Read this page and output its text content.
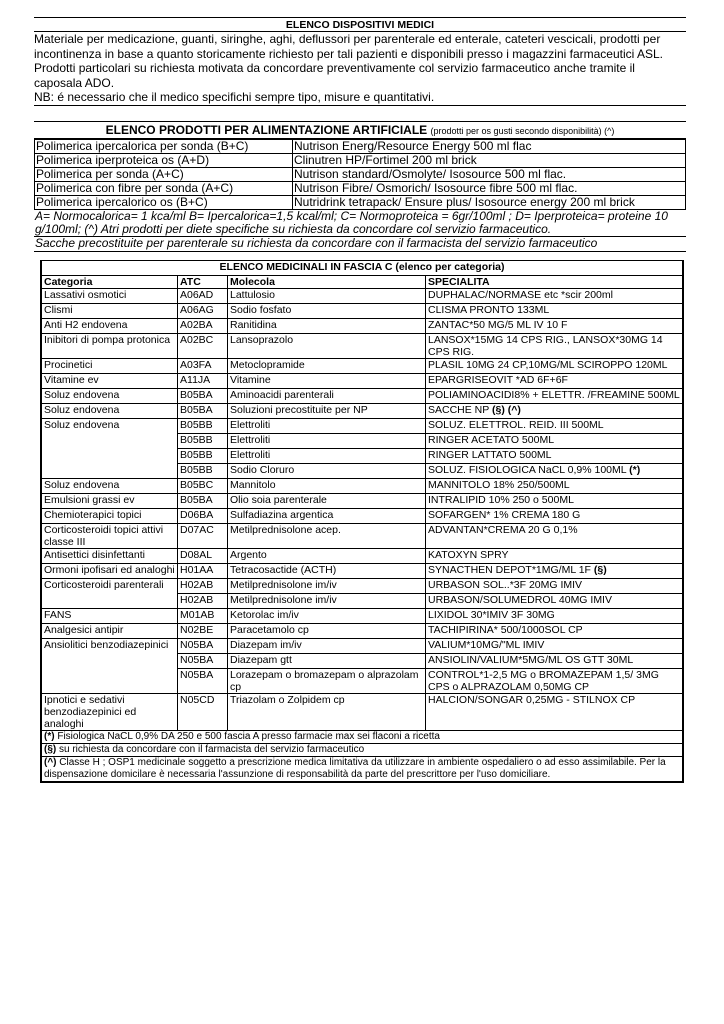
ELENCO DISPOSITIVI MEDICI
Materiale per medicazione, guanti, siringhe, aghi, deflussori per parenterale ed enterale, cateteri vescicali, prodotti per incontinenza in base a quanto storicamente richiesto per tali pazienti e disponibili presso i magazzini farmaceutici ASL. Prodotti particolari su richiesta motivata da concordare preventivamente col servizio farmaceutico anche tramite il caposala ADO.
NB: é necessario che il medico specifichi sempre tipo, misure e quantitativi.
ELENCO PRODOTTI PER ALIMENTAZIONE ARTIFICIALE (prodotti per os gusti secondo disponibilità) (^)
Polimerica ipercalorica per sonda (B+C)	Nutrison Energ/Resource Energy 500 ml flac
Polimerica iperproteica os (A+D)	Clinutren HP/Fortimel 200 ml brick
Polimerica per sonda (A+C)	Nutrison standard/Osmolyte/ Isosource 500 ml flac.
Polimerica con fibre per sonda (A+C)	Nutrison Fibre/ Osmorich/ Isosource fibre 500 ml flac.
Polimerica ipercalorico os (B+C)	Nutridrink tetrapack/ Ensure plus/ Isosource energy 200 ml brick
A= Normocalorica= 1 kca/ml B= Ipercalorica=1,5 kcal/ml; C= Normoproteica = 6gr/100ml ; D= Iperproteica= proteine 10 g/100ml; (^) Atri prodotti per diete specifiche su richiesta da concordare col servizio farmaceutico.
Sacche precostituite per parenterale su richiesta da concordare con il farmacista del servizio farmaceutico
ELENCO MEDICINALI IN FASCIA C (elenco per categoria)			
Categoria	ATC	Molecola	SPECIALITA
Lassativi osmotici	A06AD	Lattulosio	DUPHALAC/NORMASE etc *scir 200ml
Clismi	A06AG	Sodio fosfato	CLISMA PRONTO 133ML
Anti H2 endovena	A02BA	Ranitidina	ZANTAC*50 MG/5 ML IV 10 F
Inibitori di pompa protonica	A02BC	Lansoprazolo	LANSOX*15MG 14 CPS RIG., LANSOX*30MG 14 CPS RIG.
Procinetici	A03FA	Metoclopramide	PLASIL 10MG 24 CP,10MG/ML SCIROPPO 120ML
Vitamine ev	A11JA	Vitamine	EPARGRISEOVIT *AD 6F+6F
Soluz endovena	B05BA	Aminoacidi parenterali	POLIAMINOACIDI8% + ELETTR. /FREAMINE 500ML
Soluz endovena	B05BA	Soluzioni precostituite per NP	SACCHE NP (§) (^)
Soluz endovena	B05BB	Elettroliti	SOLUZ. ELETTROL. REID. III 500ML
	B05BB	Elettroliti	RINGER ACETATO 500ML
	B05BB	Elettroliti	RINGER LATTATO 500ML
	B05BB	Sodio Cloruro	SOLUZ. FISIOLOGICA NaCL 0,9% 100ML (*)
Soluz endovena	B05BC	Mannitolo	MANNITOLO 18% 250/500ML
Emulsioni grassi ev	B05BA	Olio soia parenterale	INTRALIPID 10% 250 o 500ML
Chemioterapici topici	D06BA	Sulfadiazina argentica	SOFARGEN* 1% CREMA 180 G
Corticosteroidi topici attivi classe III	D07AC	Metilprednisolone acep.	ADVANTAN*CREMA 20 G 0,1%
Antisettici disinfettanti	D08AL	Argento	KATOXYN SPRY
Ormoni ipofisari ed analoghi	H01AA	Tetracosactide (ACTH)	SYNACTHEN DEPOT*1MG/ML 1F (§)
Corticosteroidi parenterali	H02AB	Metilprednisolone im/iv	URBASON SOL..*3F 20MG IMIV
	H02AB	Metilprednisolone im/iv	URBASON/SOLUMEDROL 40MG IMIV
FANS	M01AB	Ketorolac im/iv	LIXIDOL 30*IMIV 3F 30MG
Analgesici antipir	N02BE	Paracetamolo cp	TACHIPIRINA* 500/1000SOL CP
Ansiolitici benzodiazepinici	N05BA	Diazepam im/iv	VALIUM*10MG/"ML IMIV
	N05BA	Diazepam gtt	ANSIOLIN/VALIUM*5MG/ML OS GTT 30ML
	N05BA	Lorazepam o bromazepam o alprazolam cp	CONTROL*1-2,5 MG o BROMAZEPAM 1,5/ 3MG CPS o ALPRAZOLAM 0,50MG CP
Ipnotici e sedativi benzodiazepinici ed analoghi	N05CD	Triazolam o Zolpidem cp	HALCION/SONGAR 0,25MG - STILNOX CP
(*) Fisiologica NaCL 0,9% DA 250 e 500 fascia A presso farmacie max sei flaconi a ricetta			
(§) su richiesta da concordare con il farmacista del servizio farmaceutico			
(^) Classe H ; OSP1 medicinale soggetto a prescrizione medica limitativa da utilizzare in ambiente ospedaliero o ad esso assimilabile. Per la dispensazione domicilare è necessaria l'assunzione di responsabilità da parte del prescrittore per l'uso domiciliare.			
